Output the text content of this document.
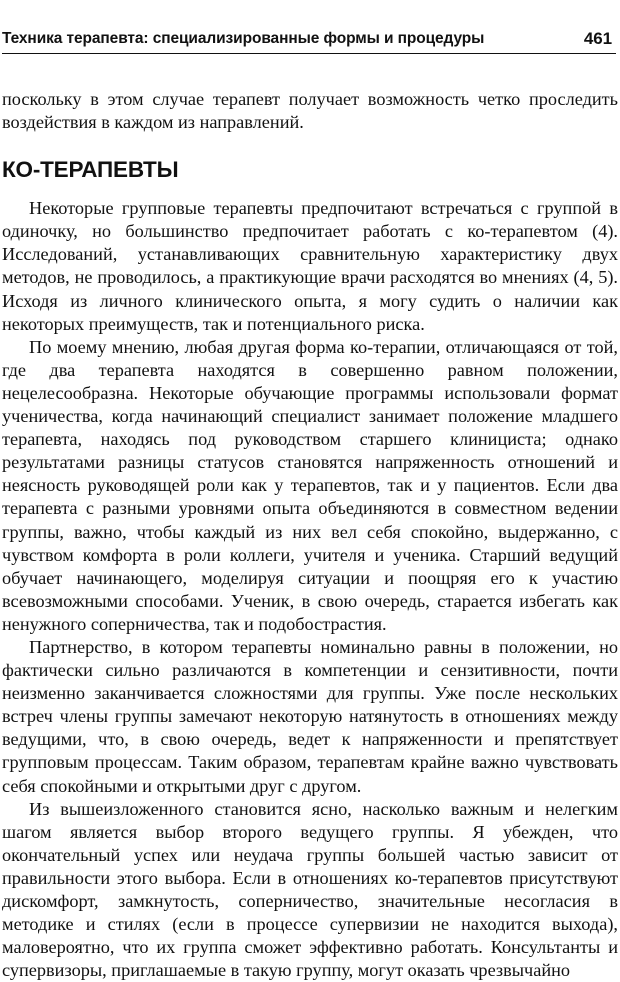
Техника терапевта: специализированные формы и процедуры	461

поскольку в этом случае терапевт получает возможность четко проследить воздействия в каждом из направлений.

КО-ТЕРАПЕВТЫ

Некоторые групповые терапевты предпочитают встречаться с группой в одиночку, но большинство предпочитает работать с ко-терапевтом (4). Исследований, устанавливающих сравнительную характеристику двух методов, не проводилось, а практикующие врачи расходятся во мнениях (4, 5). Исходя из личного клинического опыта, я могу судить о наличии как некоторых преимуществ, так и потенциального риска.

По моему мнению, любая другая форма ко-терапии, отличающаяся от той, где два терапевта находятся в совершенно равном положении, нецелесообразна. Некоторые обучающие программы использовали формат ученичества, когда начинающий специалист занимает положение младшего терапевта, находясь под руководством старшего клинициста; однако результатами разницы статусов становятся напряженность отношений и неясность руководящей роли как у терапевтов, так и у пациентов. Если два терапевта с разными уровнями опыта объединяются в совместном ведении группы, важно, чтобы каждый из них вел себя спокойно, выдержанно, с чувством комфорта в роли коллеги, учителя и ученика. Старший ведущий обучает начинающего, моделируя ситуации и поощряя его к участию всевозможными способами. Ученик, в свою очередь, старается избегать как ненужного соперничества, так и подобострастия.

Партнерство, в котором терапевты номинально равны в положении, но фактически сильно различаются в компетенции и сензитивности, почти неизменно заканчивается сложностями для группы. Уже после нескольких встреч члены группы замечают некоторую натянутость в отношениях между ведущими, что, в свою очередь, ведет к напряженности и препятствует групповым процессам. Таким образом, терапевтам крайне важно чувствовать себя спокойными и открытыми друг с другом.

Из вышеизложенного становится ясно, насколько важным и нелегким шагом является выбор второго ведущего группы. Я убежден, что окончательный успех или неудача группы большей частью зависит от правильности этого выбора. Если в отношениях ко-терапевтов присутствуют дискомфорт, замкнутость, соперничество, значительные несогласия в методике и стилях (если в процессе супервизии не находится выхода), маловероятно, что их группа сможет эффективно работать. Консультанты и супервизоры, приглашаемые в такую группу, могут оказать чрезвычайно
